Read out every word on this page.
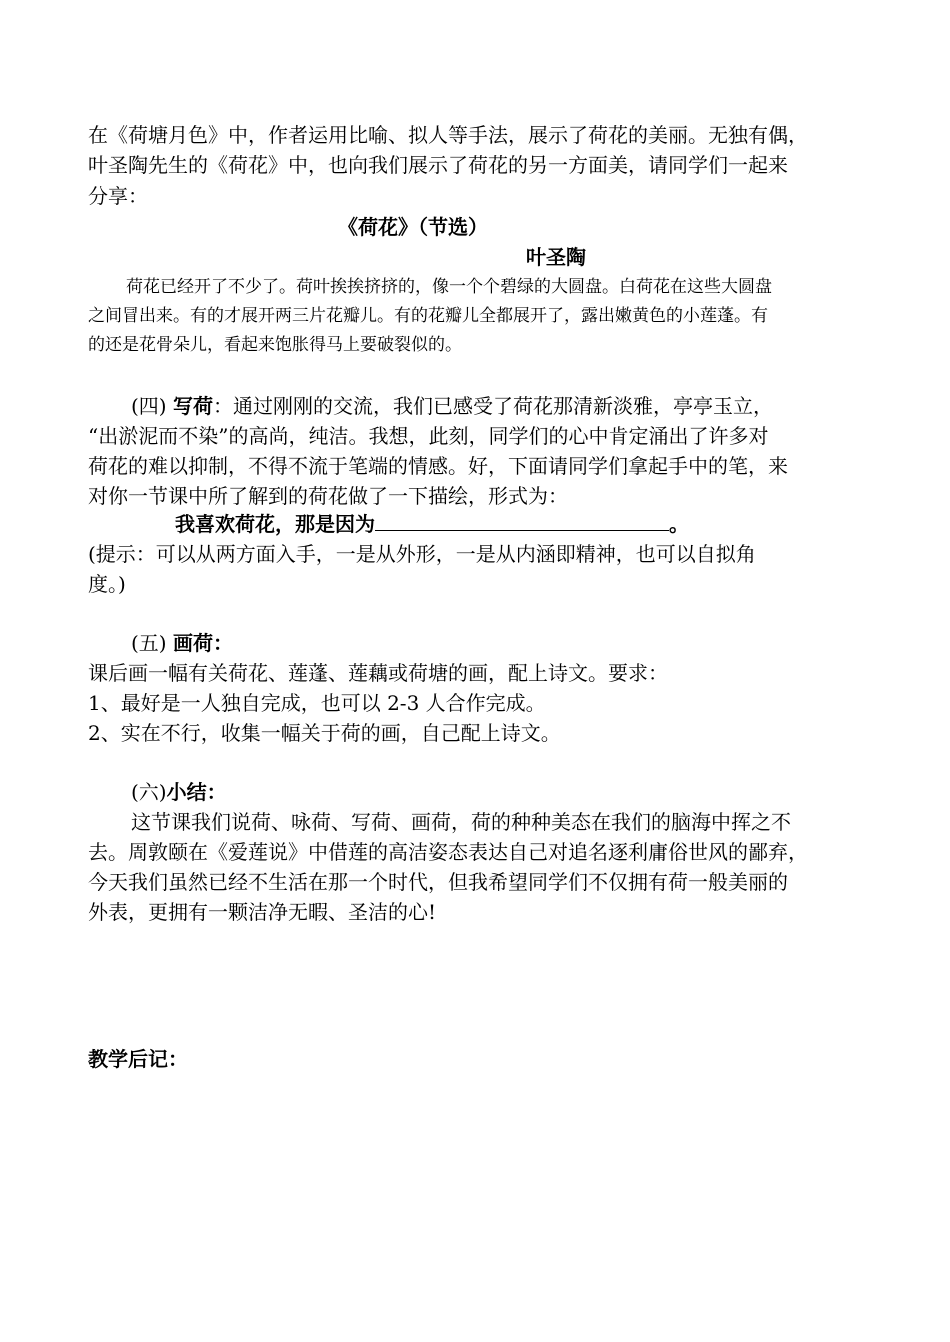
在《荷塘月色》中，作者运用比喻、拟人等手法，展示了荷花的美丽。无独有偶，
叶圣陶先生的《荷花》中，也向我们展示了荷花的另一方面美，请同学们一起来
分享：
《荷花》（节选）
叶圣陶
荷花已经开了不少了。荷叶挨挨挤挤的，像一个个碧绿的大圆盘。白荷花在这些大圆盘
之间冒出来。有的才展开两三片花瓣儿。有的花瓣儿全都展开了，露出嫩黄色的小莲蓬。有
的还是花骨朵儿，看起来饱胀得马上要破裂似的。
(四) 写荷：通过刚刚的交流，我们已感受了荷花那清新淡雅，亭亭玉立，
“出淤泥而不染”的高尚，纯洁。我想，此刻，同学们的心中肯定涌出了许多对
荷花的难以抑制，不得不流于笔端的情感。好，下面请同学们拿起手中的笔，来
对你一节课中所了解到的荷花做了一下描绘，形式为：
我喜欢荷花，那是因为	。
(提示：可以从两方面入手，一是从外形，一是从内涵即精神，也可以自拟角
度。)
(五) 画荷：
课后画一幅有关荷花、莲蓬、莲藕或荷塘的画，配上诗文。要求：
1、最好是一人独自完成，也可以 2-3 人合作完成。
2、实在不行，收集一幅关于荷的画，自己配上诗文。
(六)小结：
这节课我们说荷、咏荷、写荷、画荷，荷的种种美态在我们的脑海中挥之不
去。周敦颐在《爱莲说》中借莲的高洁姿态表达自己对追名逐利庸俗世风的鄙弃，
今天我们虽然已经不生活在那一个时代，但我希望同学们不仅拥有荷一般美丽的
外表，更拥有一颗洁净无暇、圣洁的心!
教学后记：
